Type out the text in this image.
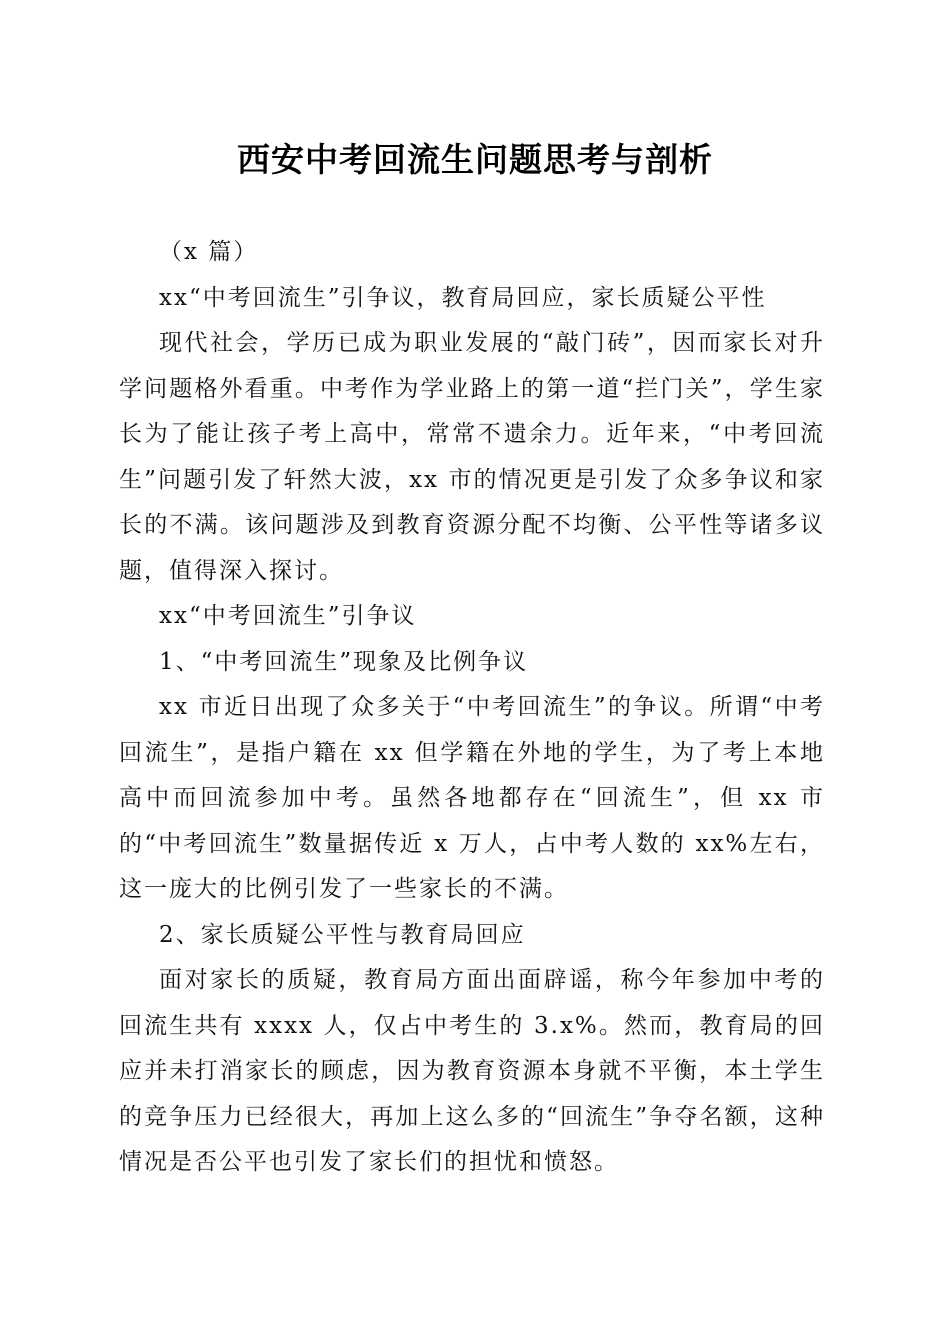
西安中考回流生问题思考与剖析

（x 篇）

xx“中考回流生”引争议，教育局回应，家长质疑公平性

现代社会，学历已成为职业发展的“敲门砖”，因而家长对升学问题格外看重。中考作为学业路上的第一道“拦门关”，学生家长为了能让孩子考上高中，常常不遗余力。近年来，“中考回流生”问题引发了轩然大波，xx 市的情况更是引发了众多争议和家长的不满。该问题涉及到教育资源分配不均衡、公平性等诸多议题，值得深入探讨。

xx“中考回流生”引争议

1、“中考回流生”现象及比例争议

xx 市近日出现了众多关于“中考回流生”的争议。所谓“中考回流生”，是指户籍在 xx 但学籍在外地的学生，为了考上本地高中而回流参加中考。虽然各地都存在“回流生”，但 xx 市的“中考回流生”数量据传近 x 万人，占中考人数的 xx%左右，这一庞大的比例引发了一些家长的不满。

2、家长质疑公平性与教育局回应

面对家长的质疑，教育局方面出面辟谣，称今年参加中考的回流生共有 xxxx 人，仅占中考生的 3.x%。然而，教育局的回应并未打消家长的顾虑，因为教育资源本身就不平衡，本土学生的竞争压力已经很大，再加上这么多的“回流生”争夺名额，这种情况是否公平也引发了家长们的担忧和愤怒。
